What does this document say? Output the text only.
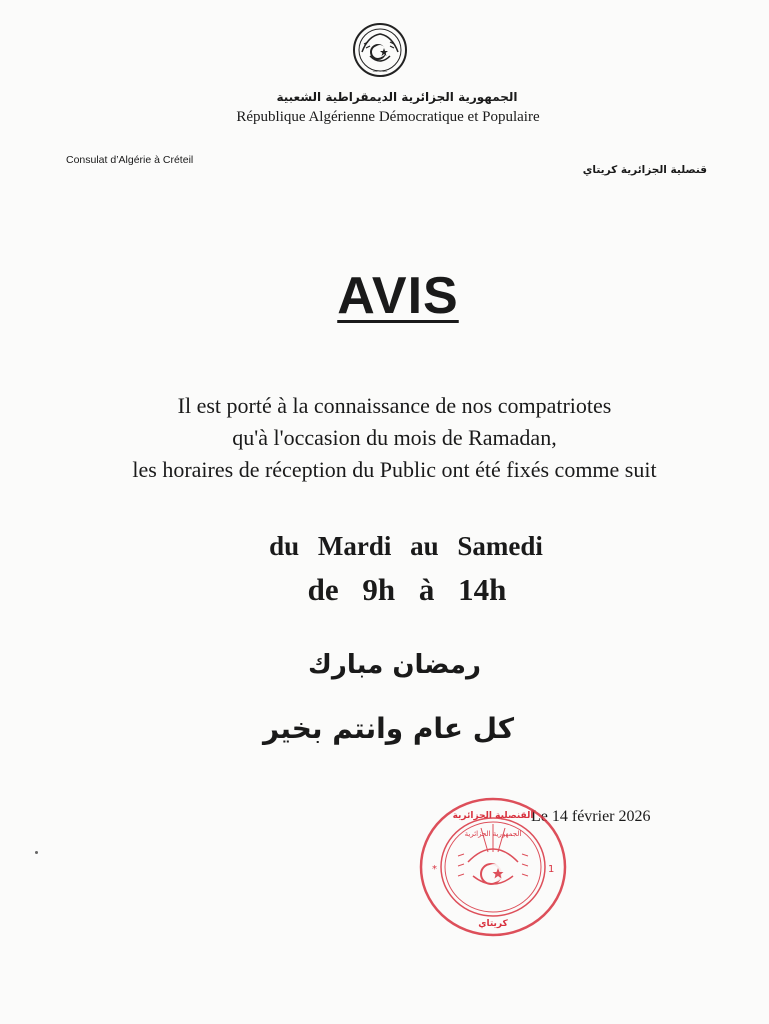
— · —
الجمهورية الجزائرية الديمقراطية الشعبية
République Algérienne Démocratique et Populaire
Consulat d’Algérie à Créteil
قنصلية الجزائرية كريتاي
AVIS
Il est porté à la connaissance de nos compatriotes
qu'à l'occasion du mois de Ramadan,
les horaires de réception du Public ont été fixés comme suit
du Mardi au Samedi
de 9h à 14h
رمضان مبارك
كل عام وانتم بخير
Le 14 février 2026
*	1
القنصلية الجزائرية
الجمهورية الجزائرية
كريتاي
